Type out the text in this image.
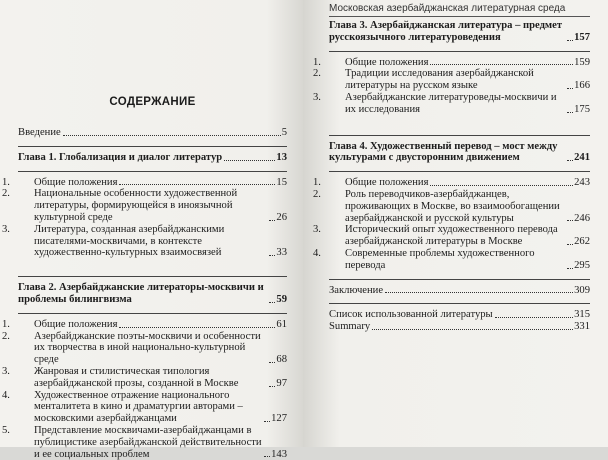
СОДЕРЖАНИЕ
Введение	5
Глава 1. Глобализация и диалог литератур	13
1. Общие положения	15
2. Национальные особенности художественной литературы, формирующейся в иноязычной культурной среде	26
3. Литература, созданная азербайджанскими писателями-москвичами, в контексте художественно-культурных взаимосвязей	33
Глава 2. Азербайджанские литераторы-москвичи и проблемы билингвизма	59
1. Общие положения	61
2. Азербайджанские поэты-москвичи и особенности их творчества в иной национально-культурной среде	68
3. Жанровая и стилистическая типология азербайджанской прозы, созданной в Москве	97
4. Художественное отражение национального менталитета в кино и драматургии авторами – московскими азербайджанцами	127
5. Представление москвичами-азербайджанцами в публицистике азербайджанской действительности и ее социальных проблем	143
Московская азербайджанская литературная среда
Глава 3. Азербайджанская литература – предмет русскоязычного литературоведения	157
1. Общие положения	159
2. Традиции исследования азербайджанской литературы на русском языке	166
3. Азербайджанские литературоведы-москвичи и их исследования	175
Глава 4. Художественный перевод – мост между культурами с двусторонним движением	241
1. Общие положения	243
2. Роль переводчиков-азербайджанцев, проживающих в Москве, во взаимообогащении азербайджанской и русской культуры	246
3. Исторический опыт художественного перевода азербайджанской литературы в Москве	262
4. Современные проблемы художественного перевода	295
Заключение	309
Список использованной литературы	315
Summary	331
